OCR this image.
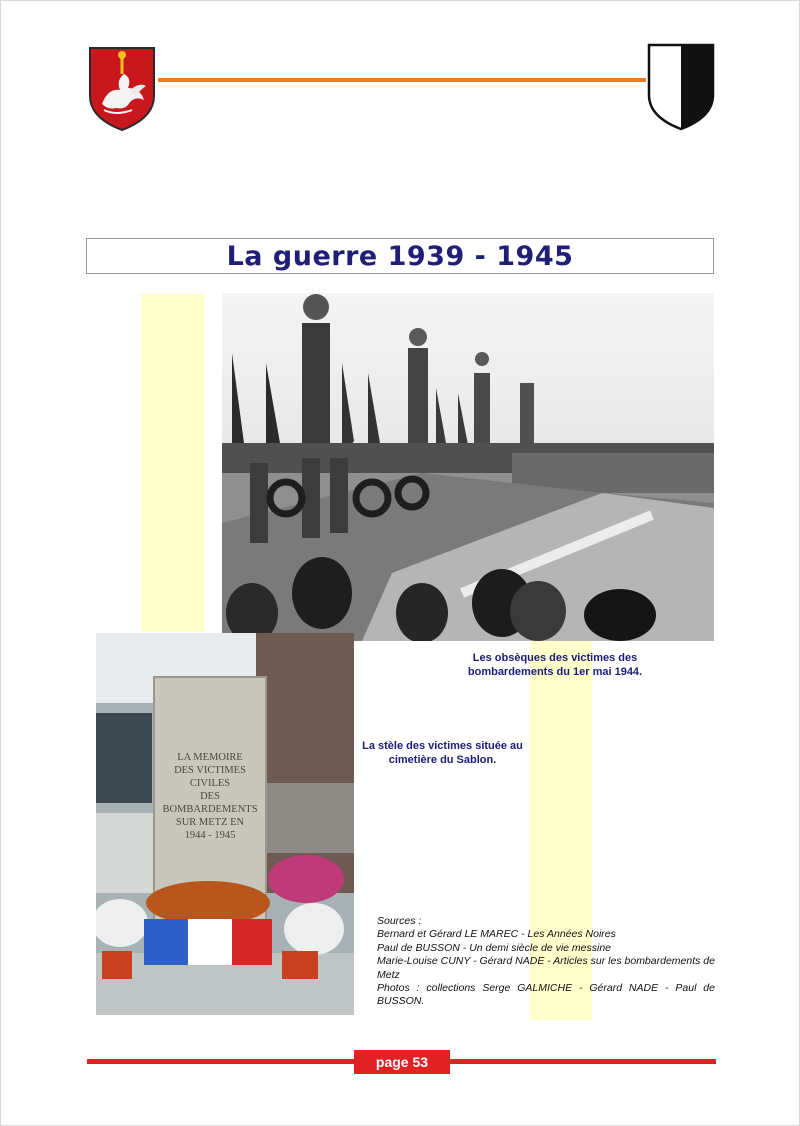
La guerre 1939 - 1945
LA MEMOIRE
DES VICTIMES
CIVILES
DES
BOMBARDEMENTS
SUR METZ EN
1944 - 1945
Les obsèques des victimes des bombardements du 1er mai 1944.
La stèle des victimes située au cimetière du Sablon.
Sources :
Bernard et Gérard LE MAREC - Les Années Noires
Paul de BUSSON - Un demi siècle de vie messine
Marie-Louise CUNY - Gérard NADE - Articles sur les bombardements de Metz
Photos : collections Serge GALMICHE - Gérard NADE - Paul de BUSSON.
page 53
